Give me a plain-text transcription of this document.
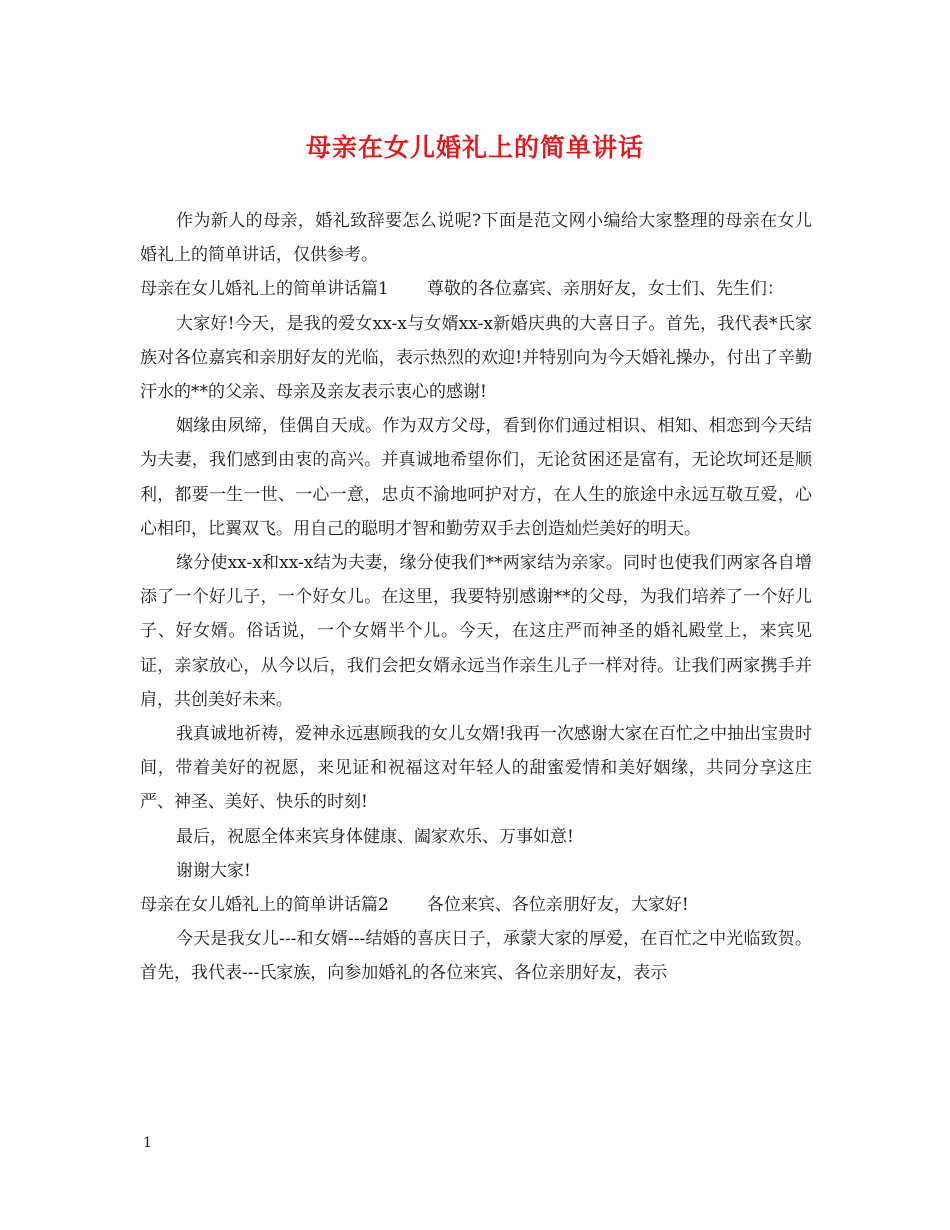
母亲在女儿婚礼上的简单讲话

作为新人的母亲，婚礼致辞要怎么说呢?下面是范文网小编给大家整理的母亲在女儿婚礼上的简单讲话，仅供参考。

母亲在女儿婚礼上的简单讲话篇1 尊敬的各位嘉宾、亲朋好友，女士们、先生们：

大家好!今天，是我的爱女xx-x与女婿xx-x新婚庆典的大喜日子。首先，我代表*氏家族对各位嘉宾和亲朋好友的光临，表示热烈的欢迎!并特别向为今天婚礼操办，付出了辛勤汗水的**的父亲、母亲及亲友表示衷心的感谢!

姻缘由夙缔，佳偶自天成。作为双方父母，看到你们通过相识、相知、相恋到今天结为夫妻，我们感到由衷的高兴。并真诚地希望你们，无论贫困还是富有，无论坎坷还是顺利，都要一生一世、一心一意，忠贞不渝地呵护对方，在人生的旅途中永远互敬互爱，心心相印，比翼双飞。用自己的聪明才智和勤劳双手去创造灿烂美好的明天。

缘分使xx-x和xx-x结为夫妻，缘分使我们**两家结为亲家。同时也使我们两家各自增添了一个好儿子，一个好女儿。在这里，我要特别感谢**的父母，为我们培养了一个好儿子、好女婿。俗话说，一个女婿半个儿。今天，在这庄严而神圣的婚礼殿堂上，来宾见证，亲家放心，从今以后，我们会把女婿永远当作亲生儿子一样对待。让我们两家携手并肩，共创美好未来。

我真诚地祈祷，爱神永远惠顾我的女儿女婿!我再一次感谢大家在百忙之中抽出宝贵时间，带着美好的祝愿，来见证和祝福这对年轻人的甜蜜爱情和美好姻缘，共同分享这庄严、神圣、美好、快乐的时刻!

最后，祝愿全体来宾身体健康、阖家欢乐、万事如意!

谢谢大家!

母亲在女儿婚礼上的简单讲话篇2 各位来宾、各位亲朋好友，大家好!

今天是我女儿---和女婿---结婚的喜庆日子，承蒙大家的厚爱，在百忙之中光临致贺。首先，我代表---氏家族，向参加婚礼的各位来宾、各位亲朋好友，表示

1
